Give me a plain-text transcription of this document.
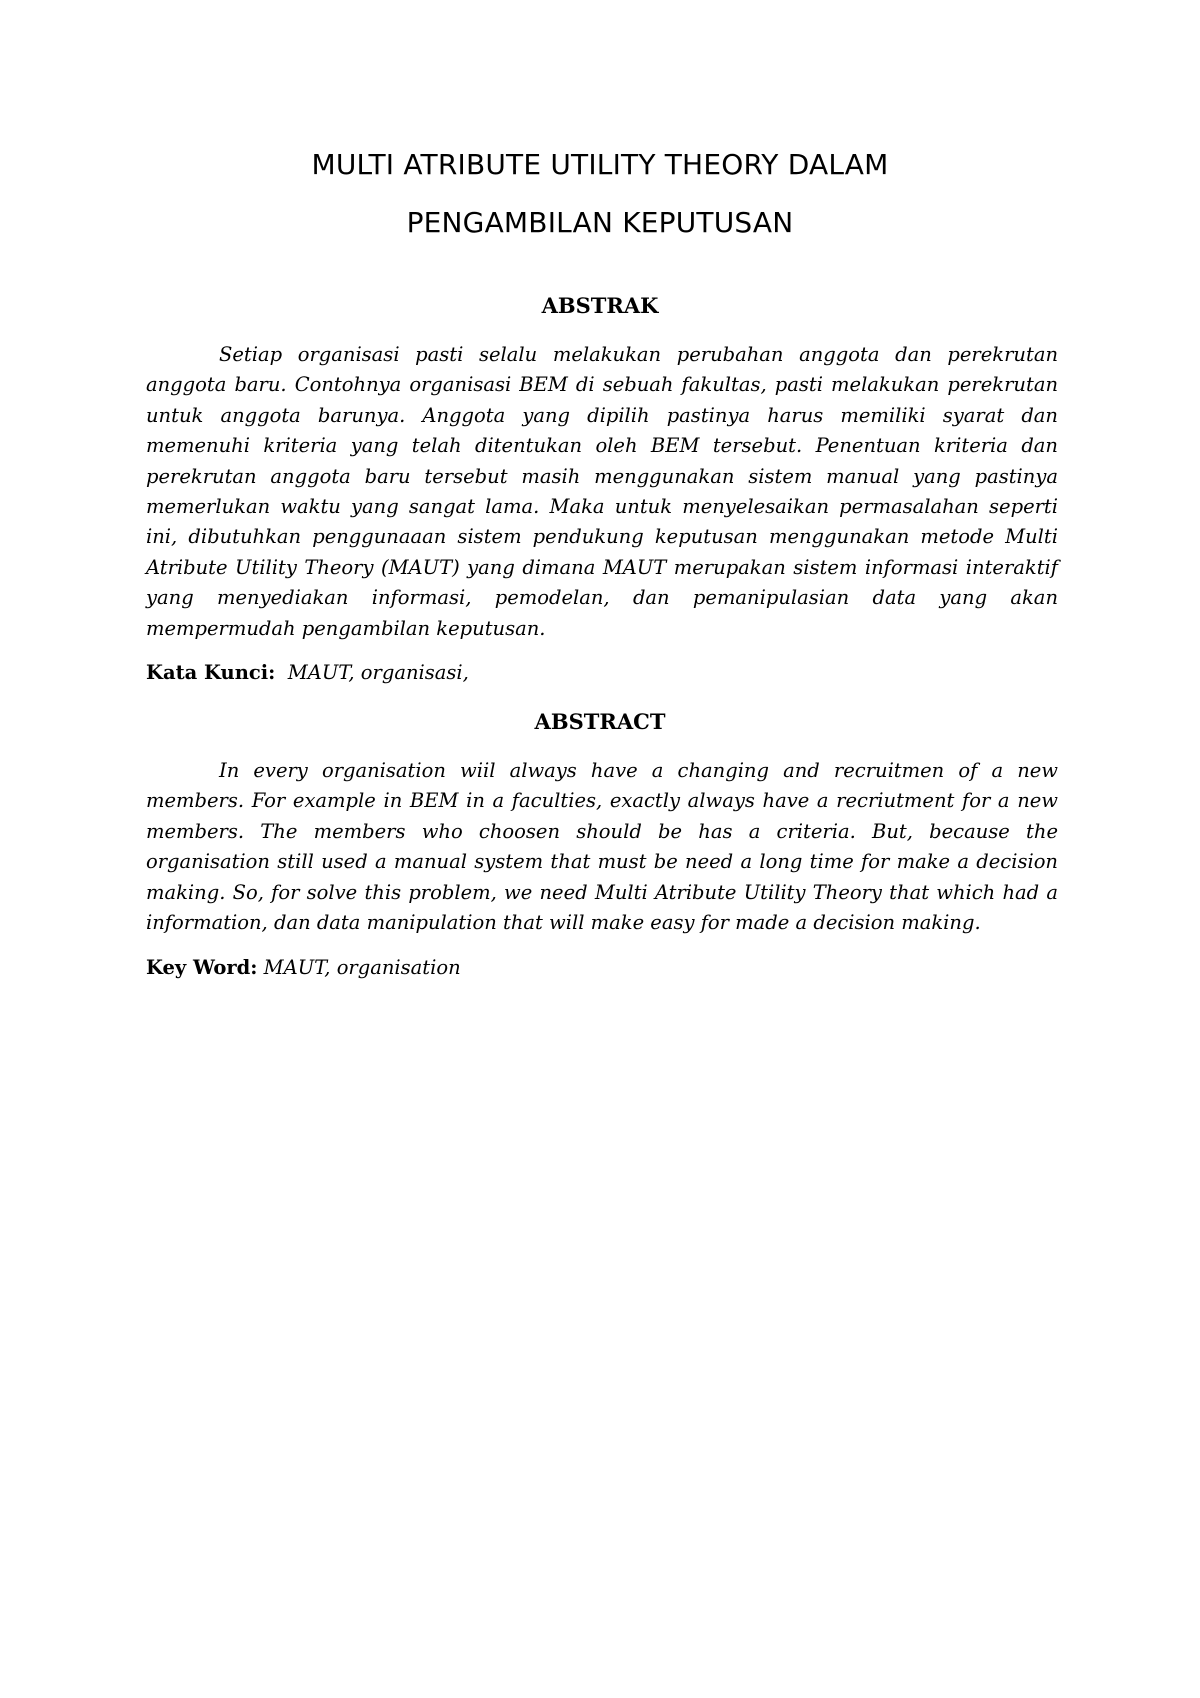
MULTI ATRIBUTE UTILITY THEORY DALAM
PENGAMBILAN KEPUTUSAN
ABSTRAK

Setiap organisasi pasti selalu melakukan perubahan anggota dan perekrutan anggota baru. Contohnya organisasi BEM di sebuah fakultas, pasti melakukan perekrutan untuk anggota barunya. Anggota yang dipilih pastinya harus memiliki syarat dan memenuhi kriteria yang telah ditentukan oleh BEM tersebut. Penentuan kriteria dan perekrutan anggota baru tersebut masih menggunakan sistem manual yang pastinya memerlukan waktu yang sangat lama. Maka untuk menyelesaikan permasalahan seperti ini, dibutuhkan penggunaaan sistem pendukung keputusan menggunakan metode Multi Atribute Utility Theory (MAUT) yang dimana MAUT merupakan sistem informasi interaktif yang menyediakan informasi, pemodelan, dan pemanipulasian data yang akan mempermudah pengambilan keputusan.

Kata Kunci: MAUT, organisasi,

ABSTRACT

In every organisation wiil always have a changing and recruitmen of a new members. For example in BEM in a faculties, exactly always have a recriutment for a new members. The members who choosen should be has a criteria. But, because the organisation still used a manual system that must be need a long time for make a decision making. So, for solve this problem, we need Multi Atribute Utility Theory that which had a information, dan data manipulation that will make easy for made a decision making.

Key Word: MAUT, organisation
